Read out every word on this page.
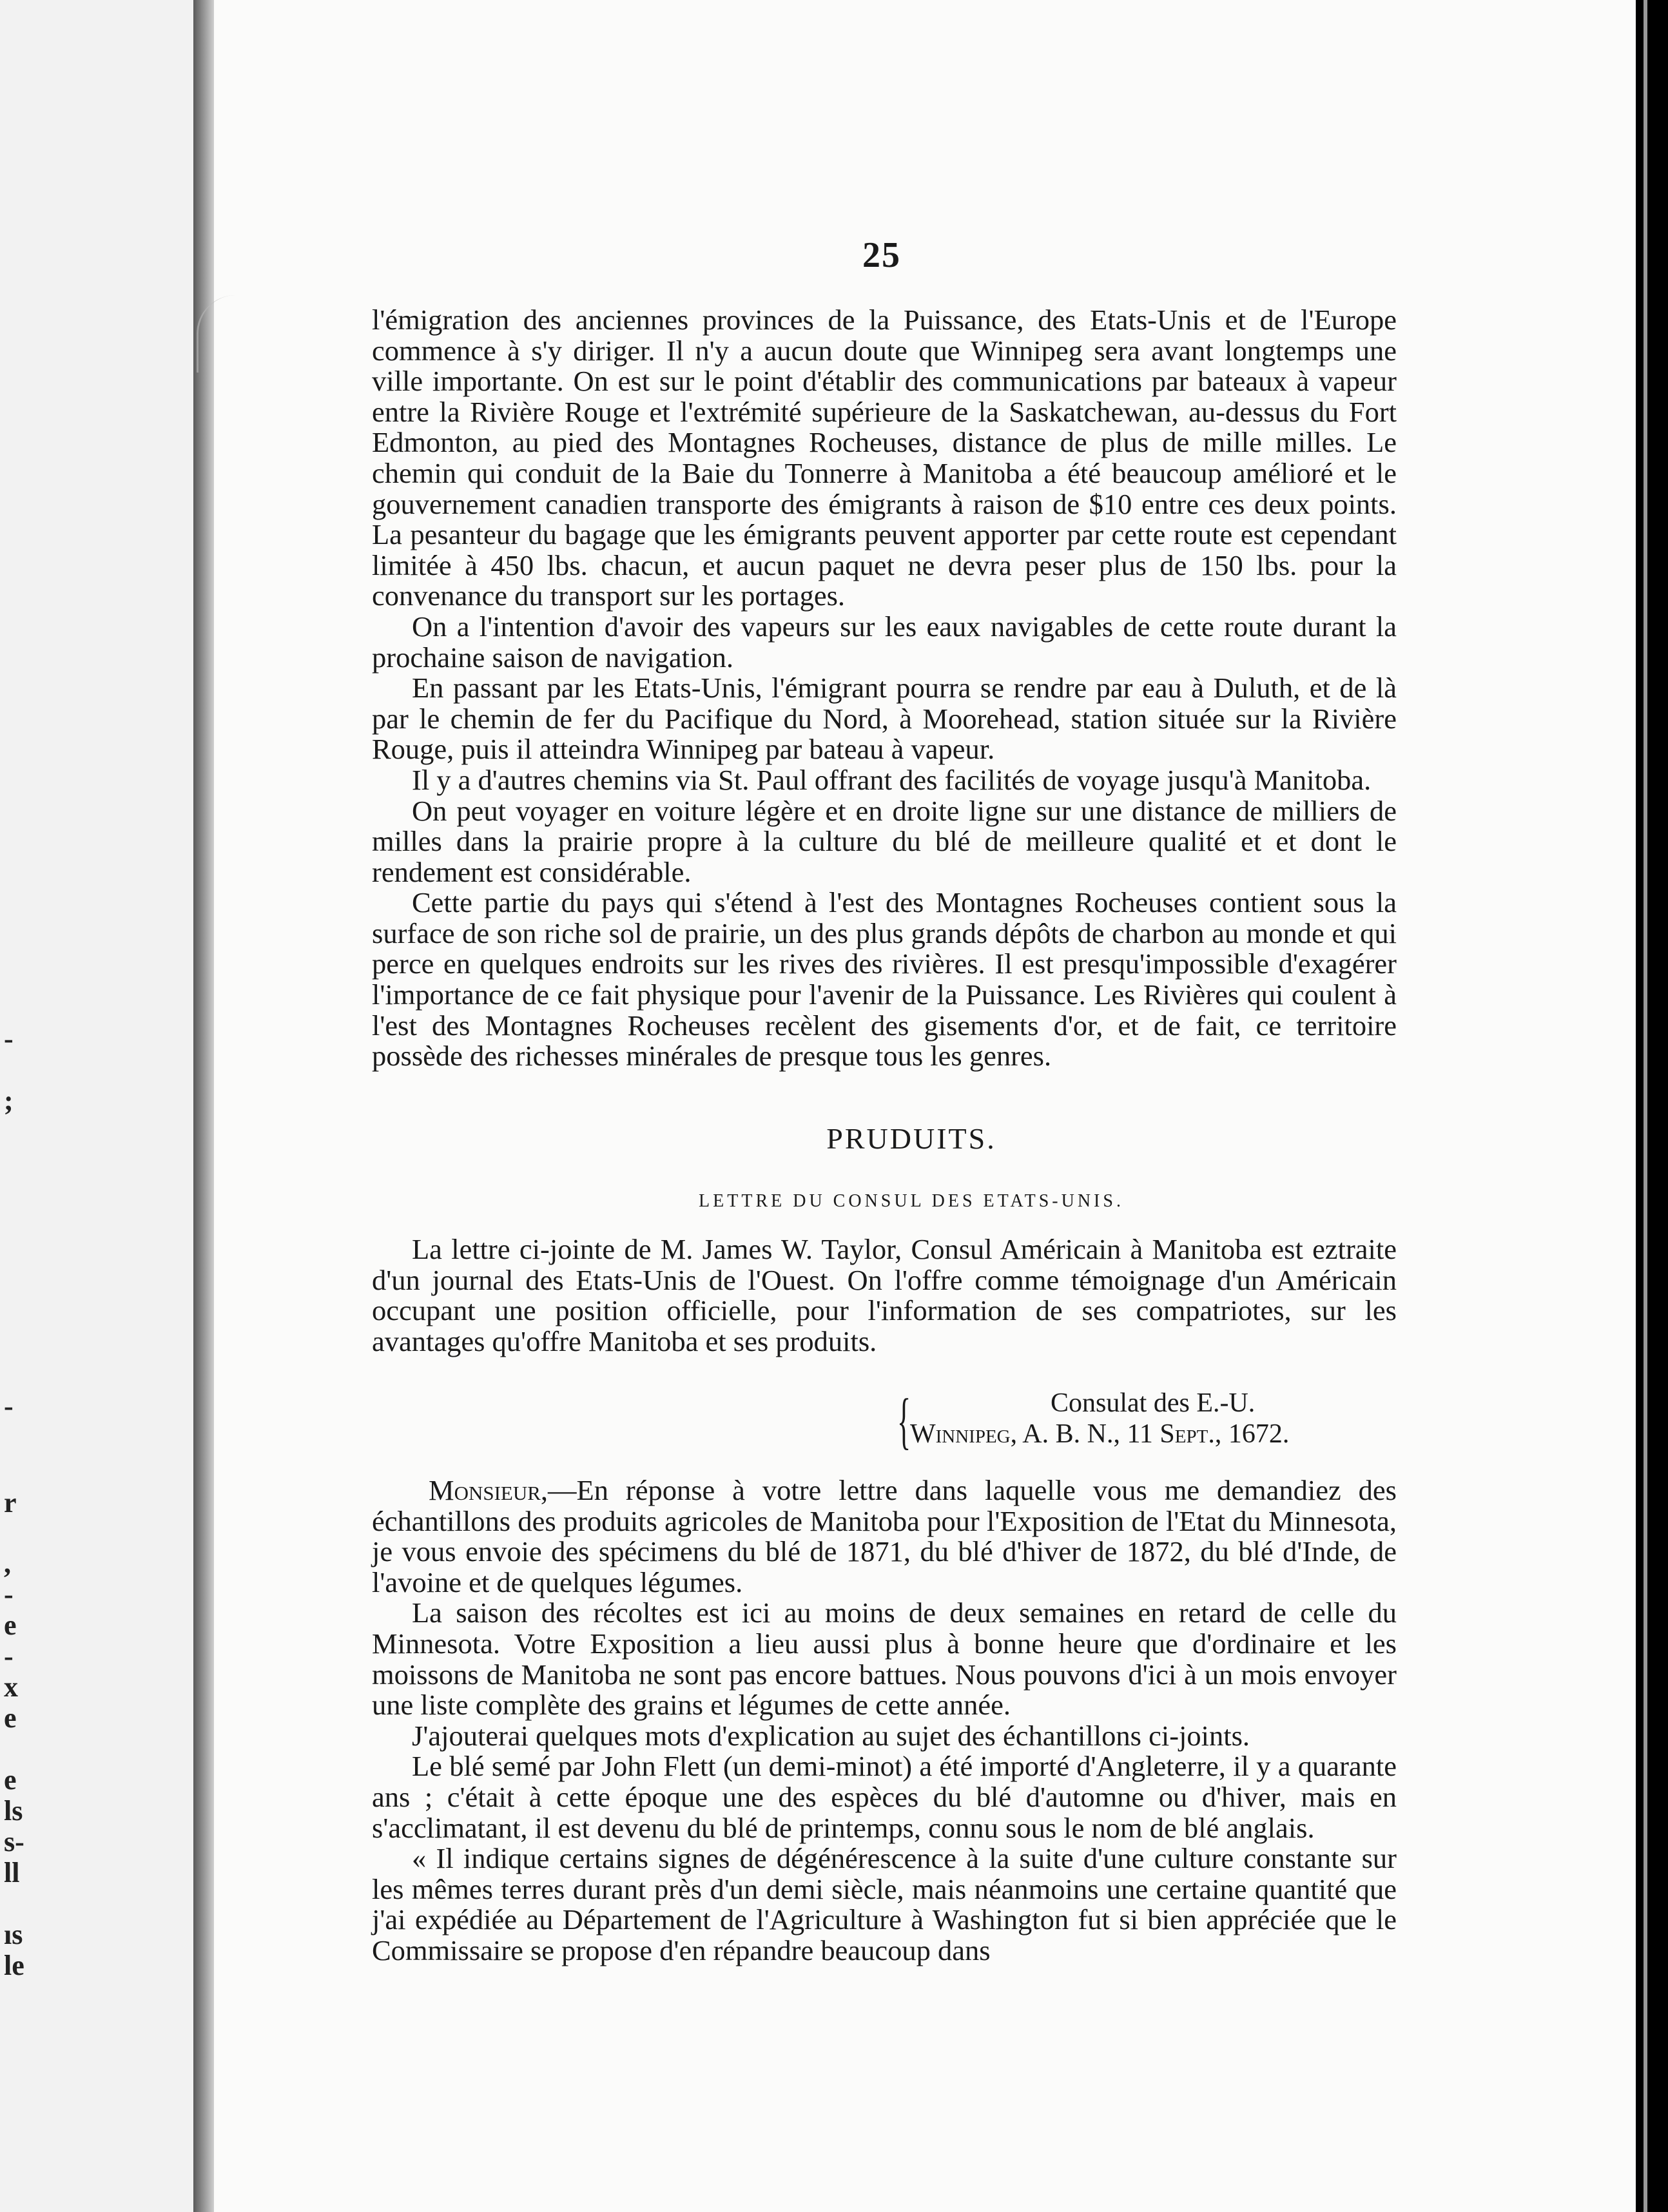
-
;
-
r
,
-
e
-
x
e
e
ls
s-
ll
ıs
le
25

l'émigration des anciennes provinces de la Puissance, des Etats-Unis et de l'Europe commence à s'y diriger. Il n'y a aucun doute que Winnipeg sera avant longtemps une ville importante. On est sur le point d'établir des communications par bateaux à vapeur entre la Rivière Rouge et l'extrémité supérieure de la Saskatchewan, au-dessus du Fort Edmonton, au pied des Montagnes Rocheuses, distance de plus de mille milles. Le chemin qui conduit de la Baie du Tonnerre à Manitoba a été beaucoup amélioré et le gouvernement canadien transporte des émigrants à raison de $10 entre ces deux points. La pesanteur du bagage que les émigrants peuvent apporter par cette route est cependant limitée à 450 lbs. chacun, et aucun paquet ne devra peser plus de 150 lbs. pour la convenance du transport sur les portages.

On a l'intention d'avoir des vapeurs sur les eaux navigables de cette route durant la prochaine saison de navigation.

En passant par les Etats-Unis, l'émigrant pourra se rendre par eau à Duluth, et de là par le chemin de fer du Pacifique du Nord, à Moorehead, station située sur la Rivière Rouge, puis il atteindra Winnipeg par bateau à vapeur.

Il y a d'autres chemins via St. Paul offrant des facilités de voyage jusqu'à Manitoba.

On peut voyager en voiture légère et en droite ligne sur une distance de milliers de milles dans la prairie propre à la culture du blé de meilleure qualité et et dont le rendement est considérable.

Cette partie du pays qui s'étend à l'est des Montagnes Rocheuses contient sous la surface de son riche sol de prairie, un des plus grands dépôts de charbon au monde et qui perce en quelques endroits sur les rives des rivières. Il est presqu'impossible d'exagérer l'importance de ce fait physique pour l'avenir de la Puissance. Les Rivières qui coulent à l'est des Montagnes Rocheuses recèlent des gisements d'or, et de fait, ce territoire possède des richesses minérales de presque tous les genres.

PRUDUITS.
LETTRE DU CONSUL DES ETATS-UNIS.

La lettre ci-jointe de M. James W. Taylor, Consul Américain à Manitoba est eztraite d'un journal des Etats-Unis de l'Ouest. On l'offre comme témoignage d'un Américain occupant une position officielle, pour l'information de ses compatriotes, sur les avantages qu'offre Manitoba et ses produits.

{	Consulat des E.-U.
Winnipeg, A. B. N., 11 Sept., 1672.

Monsieur,—En réponse à votre lettre dans laquelle vous me demandiez des échantillons des produits agricoles de Manitoba pour l'Exposition de l'Etat du Minnesota, je vous envoie des spécimens du blé de 1871, du blé d'hiver de 1872, du blé d'Inde, de l'avoine et de quelques légumes.

La saison des récoltes est ici au moins de deux semaines en retard de celle du Minnesota. Votre Exposition a lieu aussi plus à bonne heure que d'ordinaire et les moissons de Manitoba ne sont pas encore battues. Nous pouvons d'ici à un mois envoyer une liste complète des grains et légumes de cette année.

J'ajouterai quelques mots d'explication au sujet des échantillons ci-joints.

Le blé semé par John Flett (un demi-minot) a été importé d'Angleterre, il y a quarante ans ; c'était à cette époque une des espèces du blé d'automne ou d'hiver, mais en s'acclimatant, il est devenu du blé de printemps, connu sous le nom de blé anglais.

« Il indique certains signes de dégénérescence à la suite d'une culture constante sur les mêmes terres durant près d'un demi siècle, mais néanmoins une certaine quantité que j'ai expédiée au Département de l'Agriculture à Washington fut si bien appréciée que le Commissaire se propose d'en répandre beaucoup dans
